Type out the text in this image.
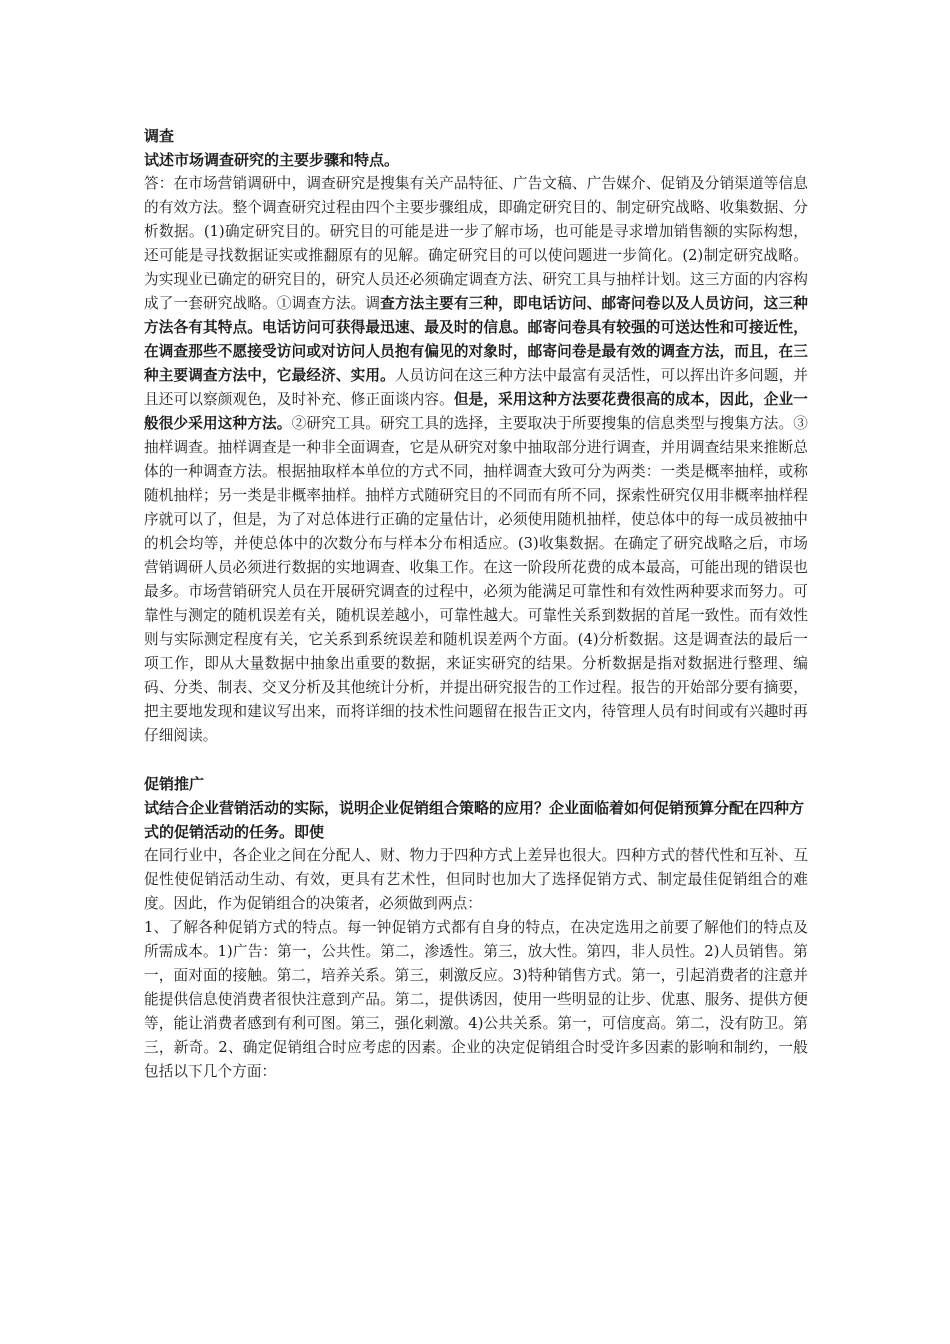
调查

试述市场调查研究的主要步骤和特点。

答：在市场营销调研中，调查研究是搜集有关产品特征、广告文稿、广告媒介、促销及分销渠道等信息的有效方法。整个调查研究过程由四个主要步骤组成，即确定研究目的、制定研究战略、收集数据、分析数据。(1)确定研究目的。研究目的可能是进一步了解市场，也可能是寻求增加销售额的实际构想，还可能是寻找数据证实或推翻原有的见解。确定研究目的可以使问题进一步简化。(2)制定研究战略。为实现业已确定的研究目的，研究人员还必须确定调查方法、研究工具与抽样计划。这三方面的内容构成了一套研究战略。①调查方法。调查方法主要有三种，即电话访问、邮寄问卷以及人员访问，这三种方法各有其特点。电话访问可获得最迅速、最及时的信息。邮寄问卷具有较强的可送达性和可接近性，在调查那些不愿接受访问或对访问人员抱有偏见的对象时，邮寄问卷是最有效的调查方法，而且，在三种主要调查方法中，它最经济、实用。人员访问在这三种方法中最富有灵活性，可以挥出许多问题，并且还可以察颜观色，及时补充、修正面谈内容。但是，采用这种方法要花费很高的成本，因此，企业一般很少采用这种方法。②研究工具。研究工具的选择，主要取决于所要搜集的信息类型与搜集方法。③抽样调查。抽样调查是一种非全面调查，它是从研究对象中抽取部分进行调查，并用调查结果来推断总体的一种调查方法。根据抽取样本单位的方式不同，抽样调查大致可分为两类：一类是概率抽样，或称随机抽样；另一类是非概率抽样。抽样方式随研究目的不同而有所不同，探索性研究仅用非概率抽样程序就可以了，但是，为了对总体进行正确的定量估计，必须使用随机抽样，使总体中的每一成员被抽中的机会均等，并使总体中的次数分布与样本分布相适应。(3)收集数据。在确定了研究战略之后，市场营销调研人员必须进行数据的实地调查、收集工作。在这一阶段所花费的成本最高，可能出现的错误也最多。市场营销研究人员在开展研究调查的过程中，必须为能满足可靠性和有效性两种要求而努力。可靠性与测定的随机误差有关，随机误差越小，可靠性越大。可靠性关系到数据的首尾一致性。而有效性则与实际测定程度有关，它关系到系统误差和随机误差两个方面。(4)分析数据。这是调查法的最后一项工作，即从大量数据中抽象出重要的数据，来证实研究的结果。分析数据是指对数据进行整理、编码、分类、制表、交叉分析及其他统计分析，并提出研究报告的工作过程。报告的开始部分要有摘要，把主要地发现和建议写出来，而将详细的技术性问题留在报告正文内，待管理人员有时间或有兴趣时再仔细阅读。

促销推广

试结合企业营销活动的实际，说明企业促销组合策略的应用？企业面临着如何促销预算分配在四种方式的促销活动的任务。即使

在同行业中，各企业之间在分配人、财、物力于四种方式上差异也很大。四种方式的替代性和互补、互促性使促销活动生动、有效，更具有艺术性，但同时也加大了选择促销方式、制定最佳促销组合的难度。因此，作为促销组合的决策者，必须做到两点：

1、了解各种促销方式的特点。每一钟促销方式都有自身的特点，在决定选用之前要了解他们的特点及所需成本。1)广告：第一，公共性。第二，渗透性。第三，放大性。第四，非人员性。2)人员销售。第一，面对面的接触。第二，培养关系。第三，刺激反应。3)特种销售方式。第一，引起消费者的注意并能提供信息使消费者很快注意到产品。第二，提供诱因，使用一些明显的让步、优惠、服务、提供方便等，能让消费者感到有利可图。第三，强化刺激。4)公共关系。第一，可信度高。第二，没有防卫。第三，新奇。2、确定促销组合时应考虑的因素。企业的决定促销组合时受许多因素的影响和制约，一般包括以下几个方面：
